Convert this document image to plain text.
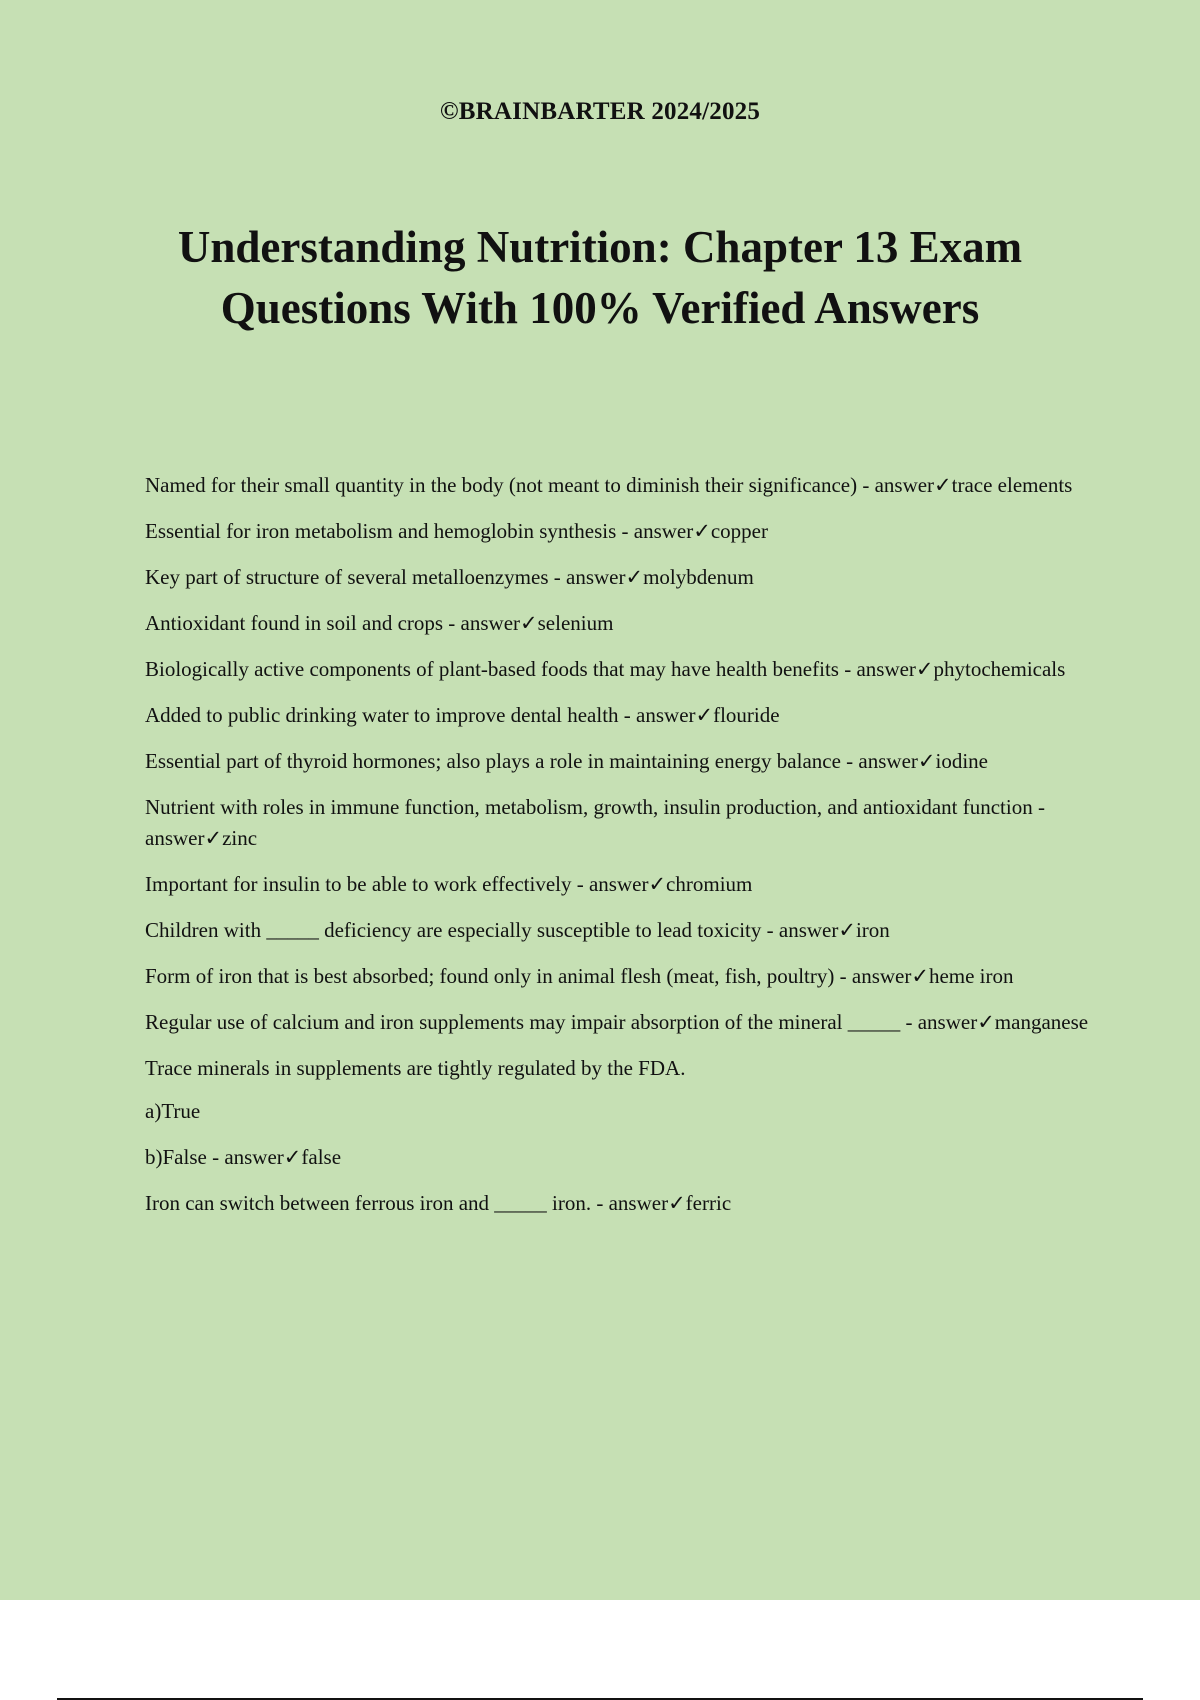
©BRAINBARTER 2024/2025
Understanding Nutrition: Chapter 13 Exam
Questions With 100% Verified Answers

Named for their small quantity in the body (not meant to diminish their significance) - answer✓trace elements

Essential for iron metabolism and hemoglobin synthesis - answer✓copper

Key part of structure of several metalloenzymes - answer✓molybdenum

Antioxidant found in soil and crops - answer✓selenium

Biologically active components of plant-based foods that may have health benefits - answer✓phytochemicals

Added to public drinking water to improve dental health - answer✓flouride

Essential part of thyroid hormones; also plays a role in maintaining energy balance - answer✓iodine

Nutrient with roles in immune function, metabolism, growth, insulin production, and antioxidant function - answer✓zinc

Important for insulin to be able to work effectively - answer✓chromium

Children with _____ deficiency are especially susceptible to lead toxicity - answer✓iron

Form of iron that is best absorbed; found only in animal flesh (meat, fish, poultry) - answer✓heme iron

Regular use of calcium and iron supplements may impair absorption of the mineral _____ - answer✓manganese

Trace minerals in supplements are tightly regulated by the FDA.

a)True

b)False - answer✓false

Iron can switch between ferrous iron and _____ iron. - answer✓ferric
